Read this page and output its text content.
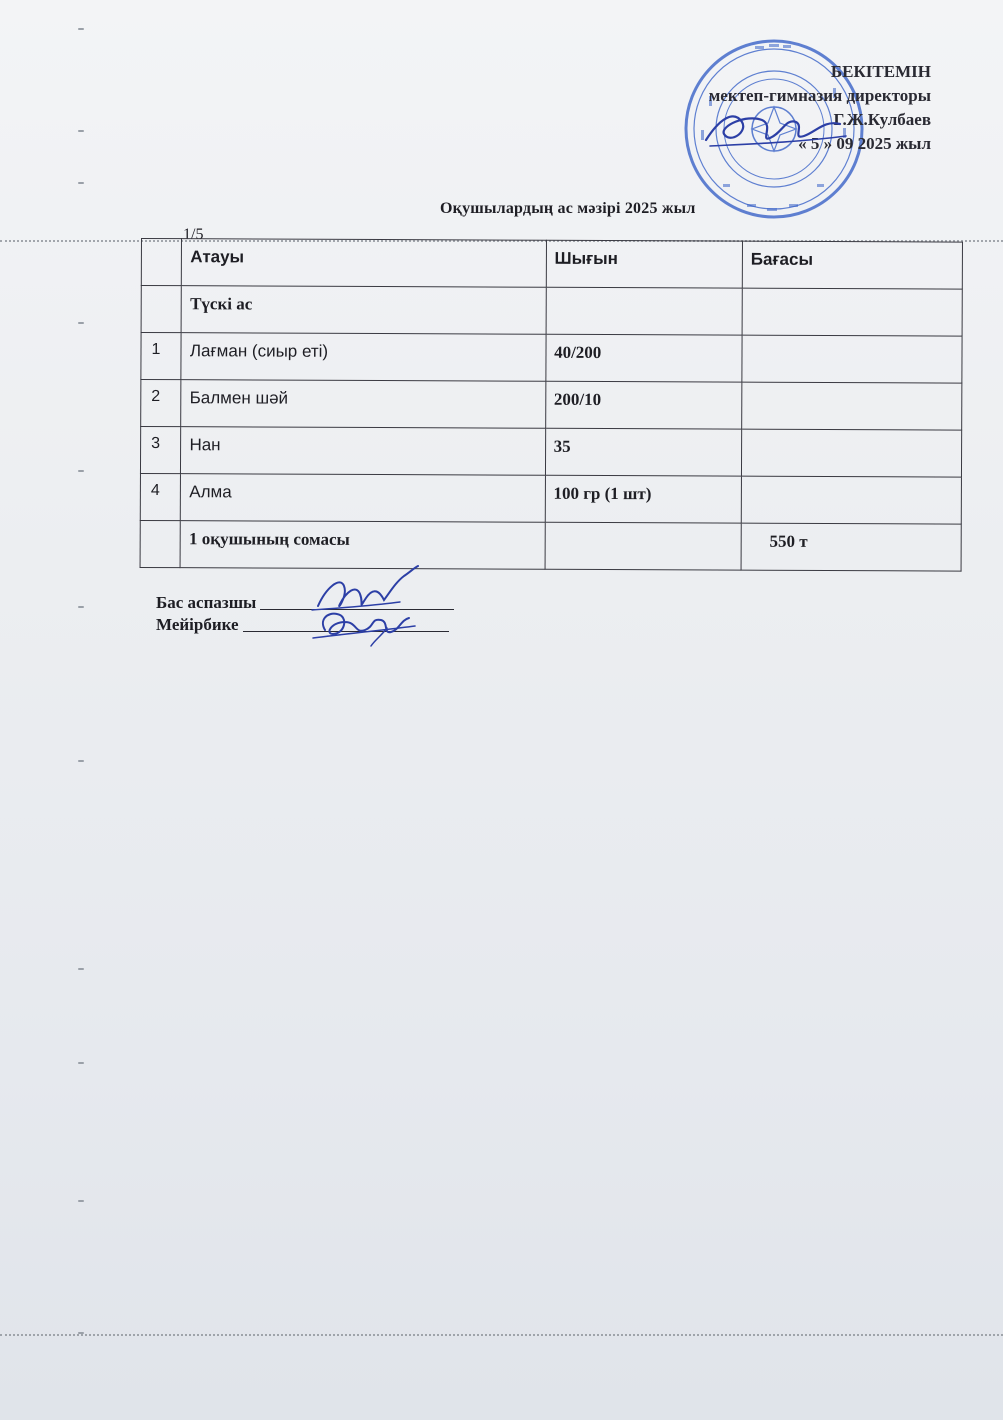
БЕКІТЕМІН
мектеп-гимназия директоры
Г.Ж.Кулбаев
« 5 » 09 2025 жыл
Оқушылардың ас мәзірі 2025 жыл
1/5
	Атауы	Шығын	Бағасы
	Түскі ас		
1	Лағман (сиыр еті)	40/200	
2	Балмен шәй	200/10	
3	Нан	35	
4	Алма	100 гр (1 шт)	
	1 оқушының сомасы		550 т
Бас аспазшы
Мейірбике
